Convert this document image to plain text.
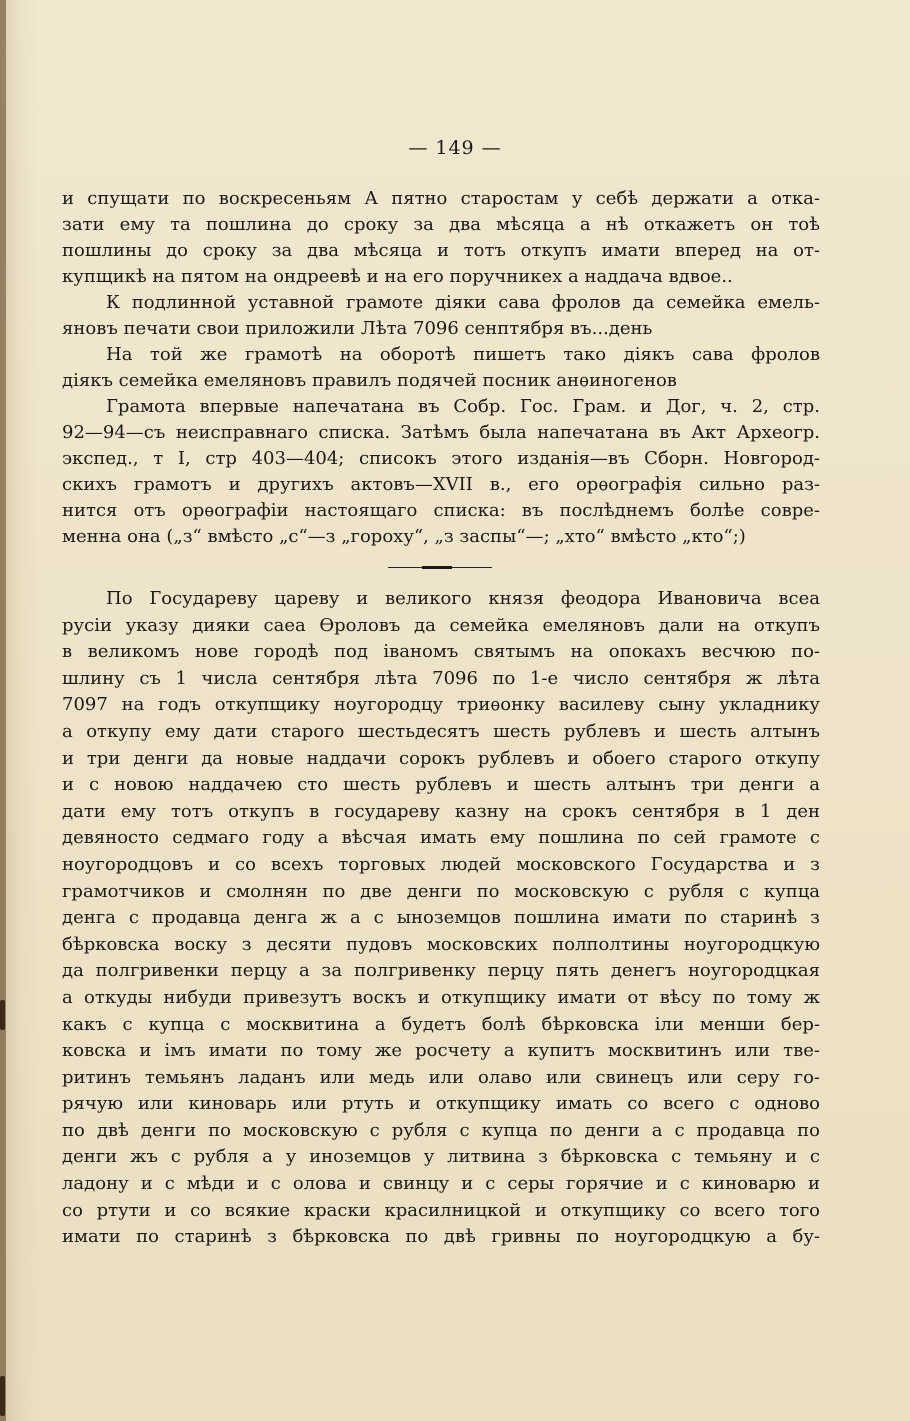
— 149 —
и спущати по воскресеньям А пятно старостам у себѣ держати а отка-
зати ему та пошлина до сроку за два мѣсяца а нѣ откажетъ он тоѣ
пошлины до сроку за два мѣсяца и тотъ откупъ имати вперед на от-
купщикѣ на пятом на ондреевѣ и на его поручникех а наддача вдвое..
К подлинной уставной грамоте дiяки сава фролов да семейка емель-
яновъ печати свои приложили Лѣта 7096 сенптября въ...день
На той же грамотѣ на оборотѣ пишетъ тако дiякъ сава фролов
дiякъ семейка емеляновъ правилъ подячей посник анѳиногенов
Грамота впервые напечатана въ Собр. Гос. Грам. и Дог, ч. 2, стр.
92—94—съ неисправнаго списка. Затѣмъ была напечатана въ Акт Археогр.
экспед., т I, стр 403—404; списокъ этого изданiя—въ Сборн. Новгород-
скихъ грамотъ и другихъ актовъ—XVII в., его орѳографiя сильно раз-
нится отъ орѳографiи настоящаго списка: въ послѣднемъ болѣе совре-
менна она („з“ вмѣсто „с“—з „гороху“, „з заспы“—; „хто“ вмѣсто „кто“;)
По Государеву цареву и великого князя феодора Ивановича всеа
русiи указу дияки саеа Ѳроловъ да семейка емеляновъ дали на откупъ
в великомъ нове городѣ под iваномъ святымъ на опокахъ весчюю по-
шлину съ 1 числа сентября лѣта 7096 по 1-е число сентября ж лѣта
7097 на годъ откупщику ноугородцу триѳонку василеву сыну укладнику
а откупу ему дати старого шестьдесятъ шесть рублевъ и шесть алтынъ
и три денги да новые наддачи сорокъ рублевъ и обоего старого откупу
и с новою наддачею сто шесть рублевъ и шесть алтынъ три денги а
дати ему тотъ откупъ в государеву казну на срокъ сентября в 1 ден
девяносто седмаго году а вѣсчая имать ему пошлина по сей грамоте с
ноугородцовъ и со всехъ торговых людей московского Государства и з
грамотчиков и смолнян по две денги по московскую с рубля с купца
денга с продавца денга ж а с ыноземцов пошлина имати по старинѣ з
бѣрковска воску з десяти пудовъ московских полполтины ноугородцкую
да полгривенки перцу а за полгривенку перцу пять денегъ ноугородцкая
а откуды нибуди привезутъ воскъ и откупщику имати от вѣсу по тому ж
какъ с купца с москвитина а будетъ болѣ бѣрковска iли менши бер-
ковска и iмъ имати по тому же росчету а купитъ москвитинъ или тве-
ритинъ темьянъ ладанъ или медь или олаво или свинецъ или серу го-
рячую или киноварь или ртуть и откупщику имать со всего с одново
по двѣ денги по московскую с рубля с купца по денги а с продавца по
денги жъ с рубля а у иноземцов у литвина з бѣрковска с темьяну и с
ладону и с мѣди и с олова и свинцу и с серы горячие и с киноварю и
со ртути и со всякие краски красилницкой и откупщику со всего того
имати по старинѣ з бѣрковска по двѣ гривны по ноугородцкую а бу-
